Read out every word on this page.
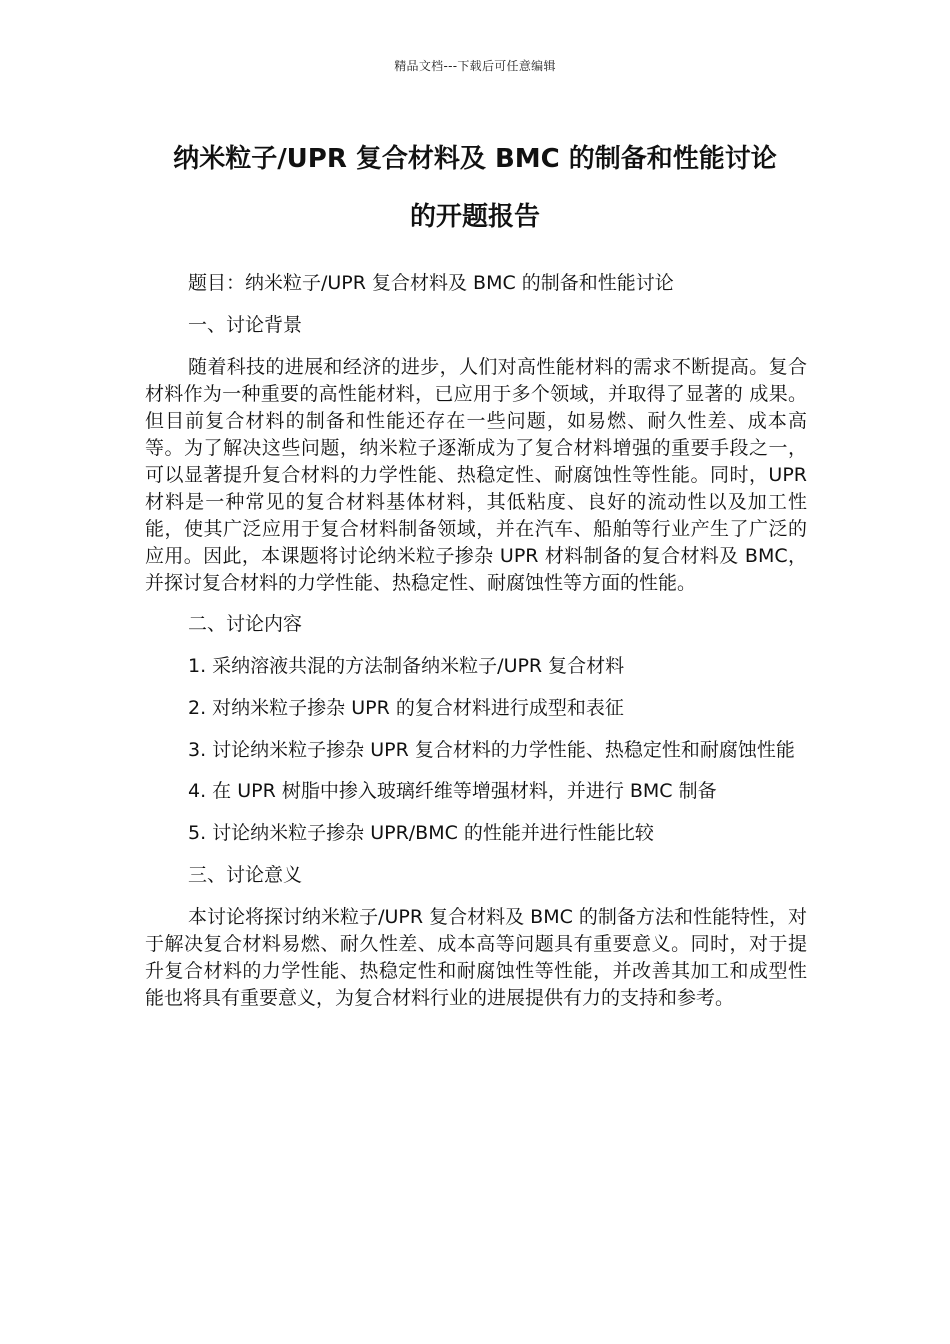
精品文档---下载后可任意编辑
纳米粒子/UPR 复合材料及 BMC 的制备和性能讨论
的开题报告

题目：纳米粒子/UPR 复合材料及 BMC 的制备和性能讨论

一、讨论背景

随着科技的进展和经济的进步，人们对高性能材料的需求不断提高。复合材料作为一种重要的高性能材料，已应用于多个领域，并取得了显著的 成果。但目前复合材料的制备和性能还存在一些问题，如易燃、耐久性差、成本高等。为了解决这些问题，纳米粒子逐渐成为了复合材料增强的重要手段之一，可以显著提升复合材料的力学性能、热稳定性、耐腐蚀性等性能。同时，UPR 材料是一种常见的复合材料基体材料，其低粘度、良好的流动性以及加工性能，使其广泛应用于复合材料制备领域，并在汽车、船舶等行业产生了广泛的应用。因此，本课题将讨论纳米粒子掺杂 UPR 材料制备的复合材料及 BMC，并探讨复合材料的力学性能、热稳定性、耐腐蚀性等方面的性能。

二、讨论内容

1. 采纳溶液共混的方法制备纳米粒子/UPR 复合材料

2. 对纳米粒子掺杂 UPR 的复合材料进行成型和表征

3. 讨论纳米粒子掺杂 UPR 复合材料的力学性能、热稳定性和耐腐蚀性能

4. 在 UPR 树脂中掺入玻璃纤维等增强材料，并进行 BMC 制备

5. 讨论纳米粒子掺杂 UPR/BMC 的性能并进行性能比较

三、讨论意义

本讨论将探讨纳米粒子/UPR 复合材料及 BMC 的制备方法和性能特性，对于解决复合材料易燃、耐久性差、成本高等问题具有重要意义。同时，对于提升复合材料的力学性能、热稳定性和耐腐蚀性等性能，并改善其加工和成型性能也将具有重要意义，为复合材料行业的进展提供有力的支持和参考。
